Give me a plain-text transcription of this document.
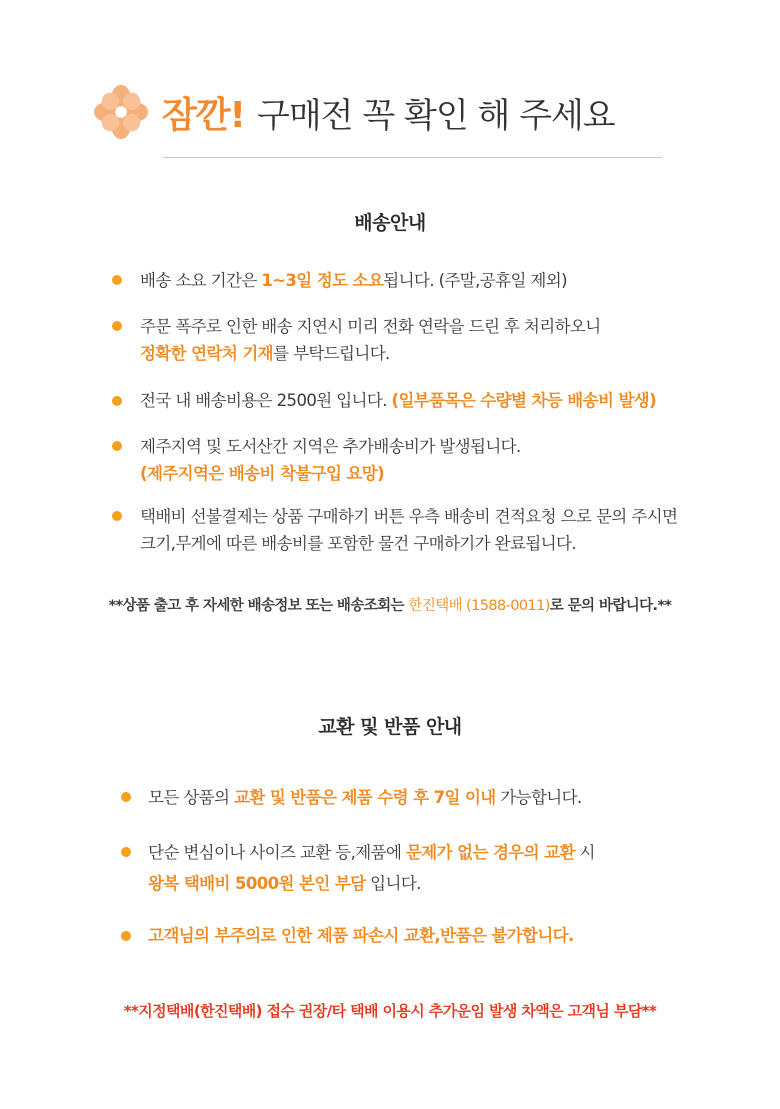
잠깐! 구매전 꼭 확인 해 주세요
배송안내
배송 소요 기간은 1~3일 정도 소요됩니다. (주말,공휴일 제외)
주문 폭주로 인한 배송 지연시 미리 전화 연락을 드린 후 처리하오니
정확한 연락처 기재를 부탁드립니다.
전국 내 배송비용은 2500원 입니다. (일부품목은 수량별 차등 배송비 발생)
제주지역 및 도서산간 지역은 추가배송비가 발생됩니다.
(제주지역은 배송비 착불구입 요망)
택배비 선불결제는 상품 구매하기 버튼 우측 배송비 견적요청 으로 문의 주시면
크기,무게에 따른 배송비를 포함한 물건 구매하기가 완료됩니다.
**상품 출고 후 자세한 배송정보 또는 배송조회는 한진택배 (1588-0011)로 문의 바랍니다.**
교환 및 반품 안내
모든 상품의 교환 및 반품은 제품 수령 후 7일 이내 가능합니다.
단순 변심이나 사이즈 교환 등,제품에 문제가 없는 경우의 교환 시
왕복 택배비 5000원 본인 부담 입니다.
고객님의 부주의로 인한 제품 파손시 교환,반품은 불가합니다.
**지정택배(한진택배) 접수 권장/타 택배 이용시 추가운임 발생 차액은 고객님 부담**
